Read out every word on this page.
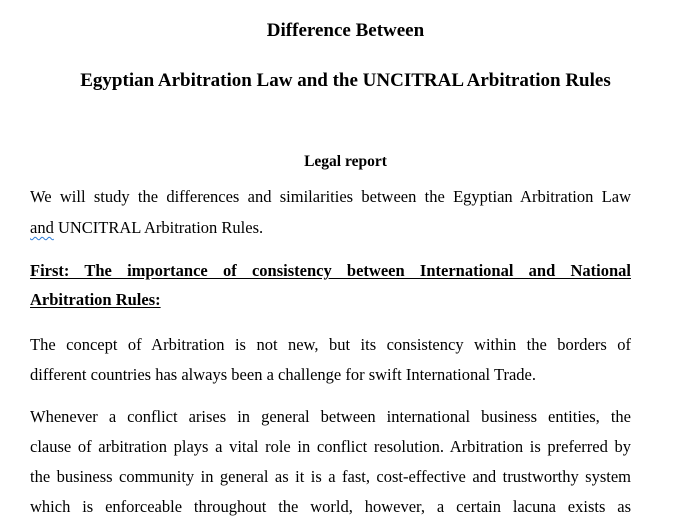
Difference Between
Egyptian Arbitration Law and the UNCITRAL Arbitration Rules
Legal report
We will study the differences and similarities between the Egyptian Arbitration Law
and UNCITRAL Arbitration Rules.
First: The importance of consistency between International and National
Arbitration Rules:
The concept of Arbitration is not new, but its consistency within the borders of
different countries has always been a challenge for swift International Trade.
Whenever a conflict arises in general between international business entities, the
clause of arbitration plays a vital role in conflict resolution. Arbitration is preferred by
the business community in general as it is a fast, cost-effective and trustworthy system
which is enforceable throughout the world, however, a certain lacuna exists as
